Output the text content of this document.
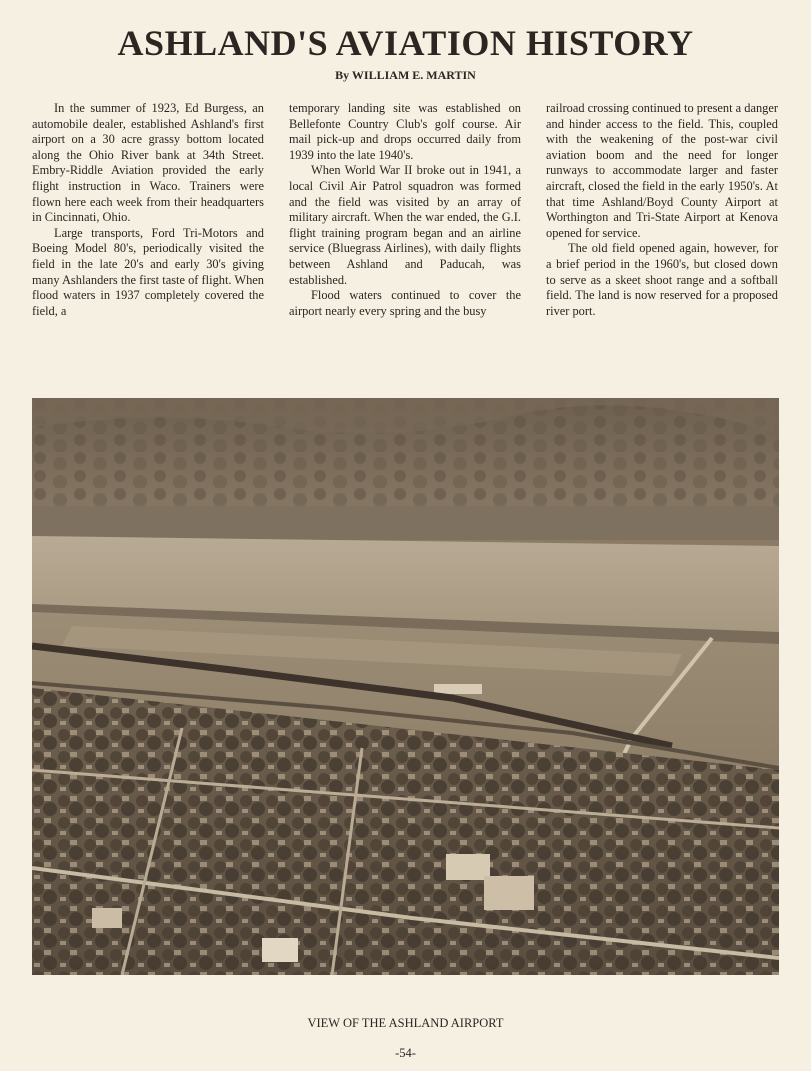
ASHLAND'S AVIATION HISTORY
By WILLIAM E. MARTIN

In the summer of 1923, Ed Burgess, an automobile dealer, established Ashland's first airport on a 30 acre grassy bottom located along the Ohio River bank at 34th Street. Embry-Riddle Aviation provided the early flight instruction in Waco. Trainers were flown here each week from their headquarters in Cincinnati, Ohio.

Large transports, Ford Tri-Motors and Boeing Model 80's, periodically visited the field in the late 20's and early 30's giving many Ashlanders the first taste of flight. When flood waters in 1937 completely covered the field, a

temporary landing site was established on Bellefonte Country Club's golf course. Air mail pick-up and drops occurred daily from 1939 into the late 1940's.

When World War II broke out in 1941, a local Civil Air Patrol squadron was formed and the field was visited by an array of military aircraft. When the war ended, the G.I. flight training program began and an airline service (Bluegrass Airlines), with daily flights between Ashland and Paducah, was established.

Flood waters continued to cover the airport nearly every spring and the busy

railroad crossing continued to present a danger and hinder access to the field. This, coupled with the weakening of the post-war civil aviation boom and the need for longer runways to accommodate larger and faster aircraft, closed the field in the early 1950's. At that time Ashland/Boyd County Airport at Worthington and Tri-State Airport at Kenova opened for service.

The old field opened again, however, for a brief period in the 1960's, but closed down to serve as a skeet shoot range and a softball field. The land is now reserved for a proposed river port.

VIEW OF THE ASHLAND AIRPORT
-54-
